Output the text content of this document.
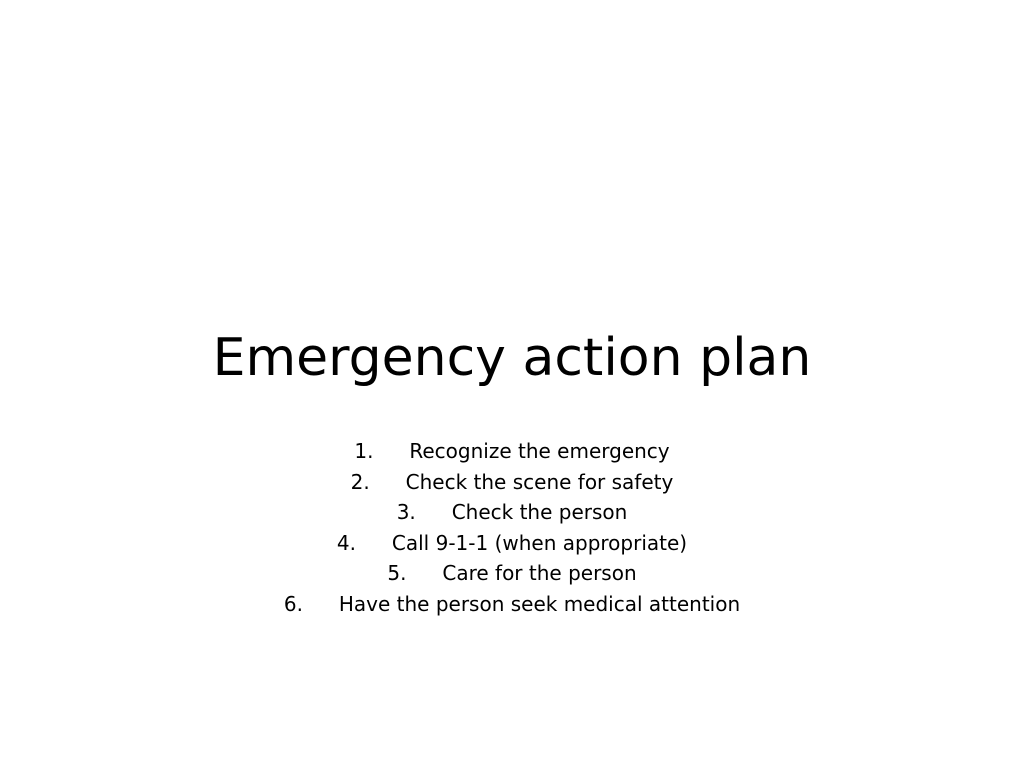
Emergency action plan
1. Recognize the emergency
2. Check the scene for safety
3. Check the person
4. Call 9-1-1 (when appropriate)
5. Care for the person
6. Have the person seek medical attention
